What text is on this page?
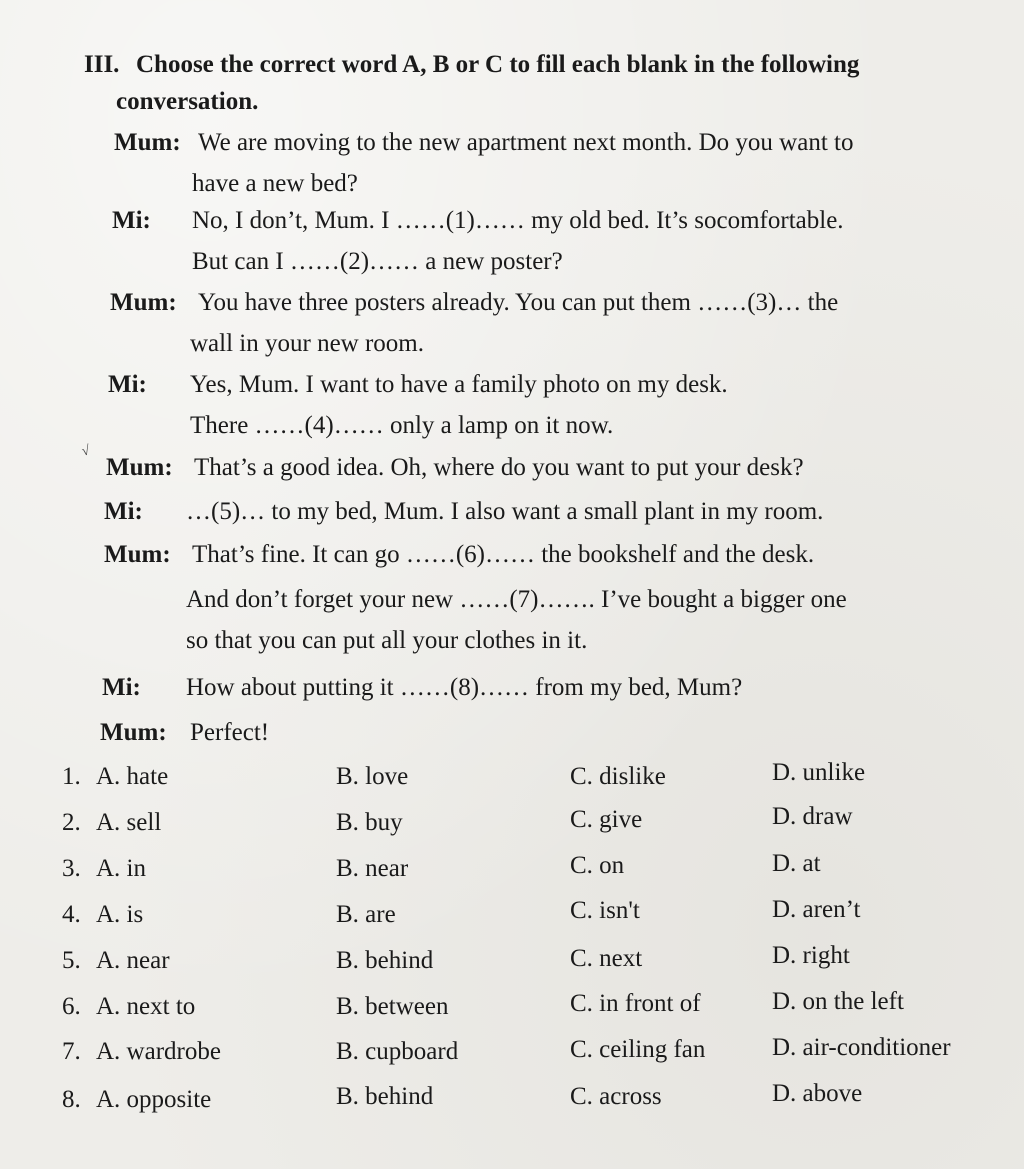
III. Choose the correct word A, B or C to fill each blank in the following
conversation.
√
Mum: We are moving to the new apartment next month. Do you want to
have a new bed?
Mi: No, I don’t, Mum. I ……(1)…… my old bed. It’s socomfortable.
But can I ……(2)…… a new poster?
Mum: You have three posters already. You can put them ……(3)… the
wall in your new room.
Mi: Yes, Mum. I want to have a family photo on my desk.
There ……(4)…… only a lamp on it now.
Mum: That’s a good idea. Oh, where do you want to put your desk?
Mi: …(5)… to my bed, Mum. I also want a small plant in my room.
Mum: That’s fine. It can go ……(6)…… the bookshelf and the desk.
And don’t forget your new ……(7)……. I’ve bought a bigger one
so that you can put all your clothes in it.
Mi: How about putting it ……(8)…… from my bed, Mum?
Mum: Perfect!
1. A. hate	B. love	C. dislike	D. unlike
2. A. sell	B. buy	C. give	D. draw
3. A. in	B. near	C. on	D. at
4. A. is	B. are	C. isn't	D. aren’t
5. A. near	B. behind	C. next	D. right
6. A. next to	B. between	C. in front of	D. on the left
7. A. wardrobe	B. cupboard	C. ceiling fan	D. air-conditioner
8. A. opposite	B. behind	C. across	D. above
